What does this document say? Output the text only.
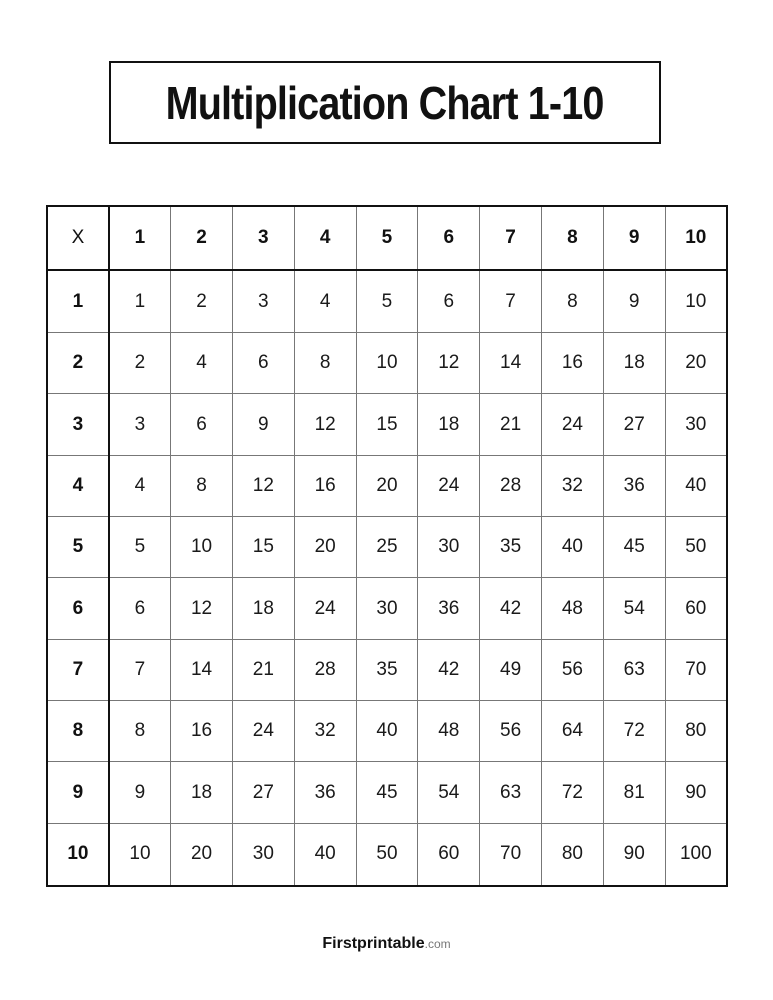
Multiplication Chart 1-10
X	1	2	3	4	5	6	7	8	9	10
1	1	2	3	4	5	6	7	8	9	10
2	2	4	6	8	10	12	14	16	18	20
3	3	6	9	12	15	18	21	24	27	30
4	4	8	12	16	20	24	28	32	36	40
5	5	10	15	20	25	30	35	40	45	50
6	6	12	18	24	30	36	42	48	54	60
7	7	14	21	28	35	42	49	56	63	70
8	8	16	24	32	40	48	56	64	72	80
9	9	18	27	36	45	54	63	72	81	90
10	10	20	30	40	50	60	70	80	90	100
Firstprintable.com
